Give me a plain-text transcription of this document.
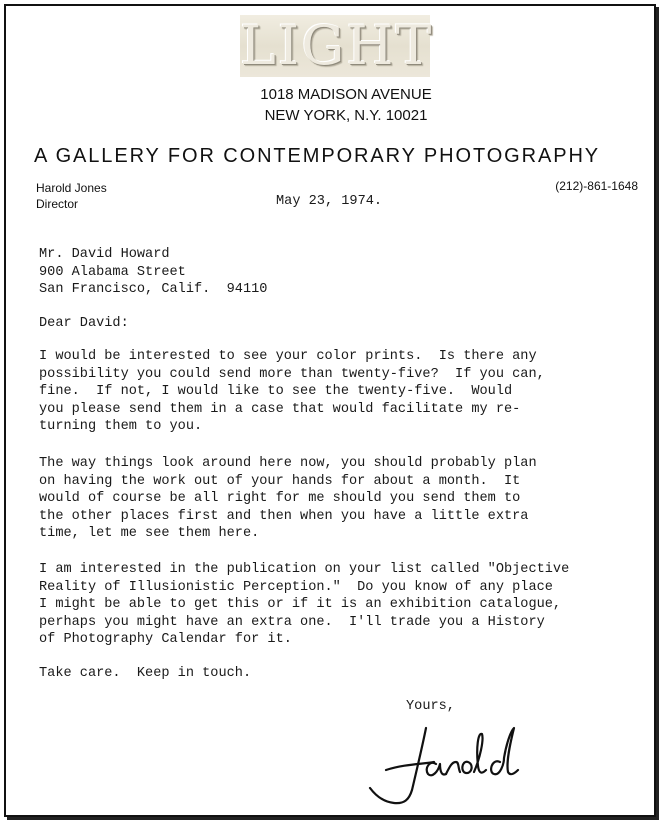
LIGHT
1018 MADISON AVENUE
NEW YORK, N.Y. 10021
A GALLERY FOR CONTEMPORARY PHOTOGRAPHY
Harold Jones
Director
(212)-861-1648
May 23, 1974.
Mr. David Howard
900 Alabama Street
San Francisco, Calif.  94110
Dear David:
I would be interested to see your color prints.  Is there any
possibility you could send more than twenty-five?  If you can,
fine.  If not, I would like to see the twenty-five.  Would
you please send them in a case that would facilitate my re-
turning them to you.
The way things look around here now, you should probably plan
on having the work out of your hands for about a month.  It
would of course be all right for me should you send them to
the other places first and then when you have a little extra
time, let me see them here.
I am interested in the publication on your list called "Objective
Reality of Illusionistic Perception."  Do you know of any place
I might be able to get this or if it is an exhibition catalogue,
perhaps you might have an extra one.  I'll trade you a History
of Photography Calendar for it.
Take care.  Keep in touch.
Yours,
